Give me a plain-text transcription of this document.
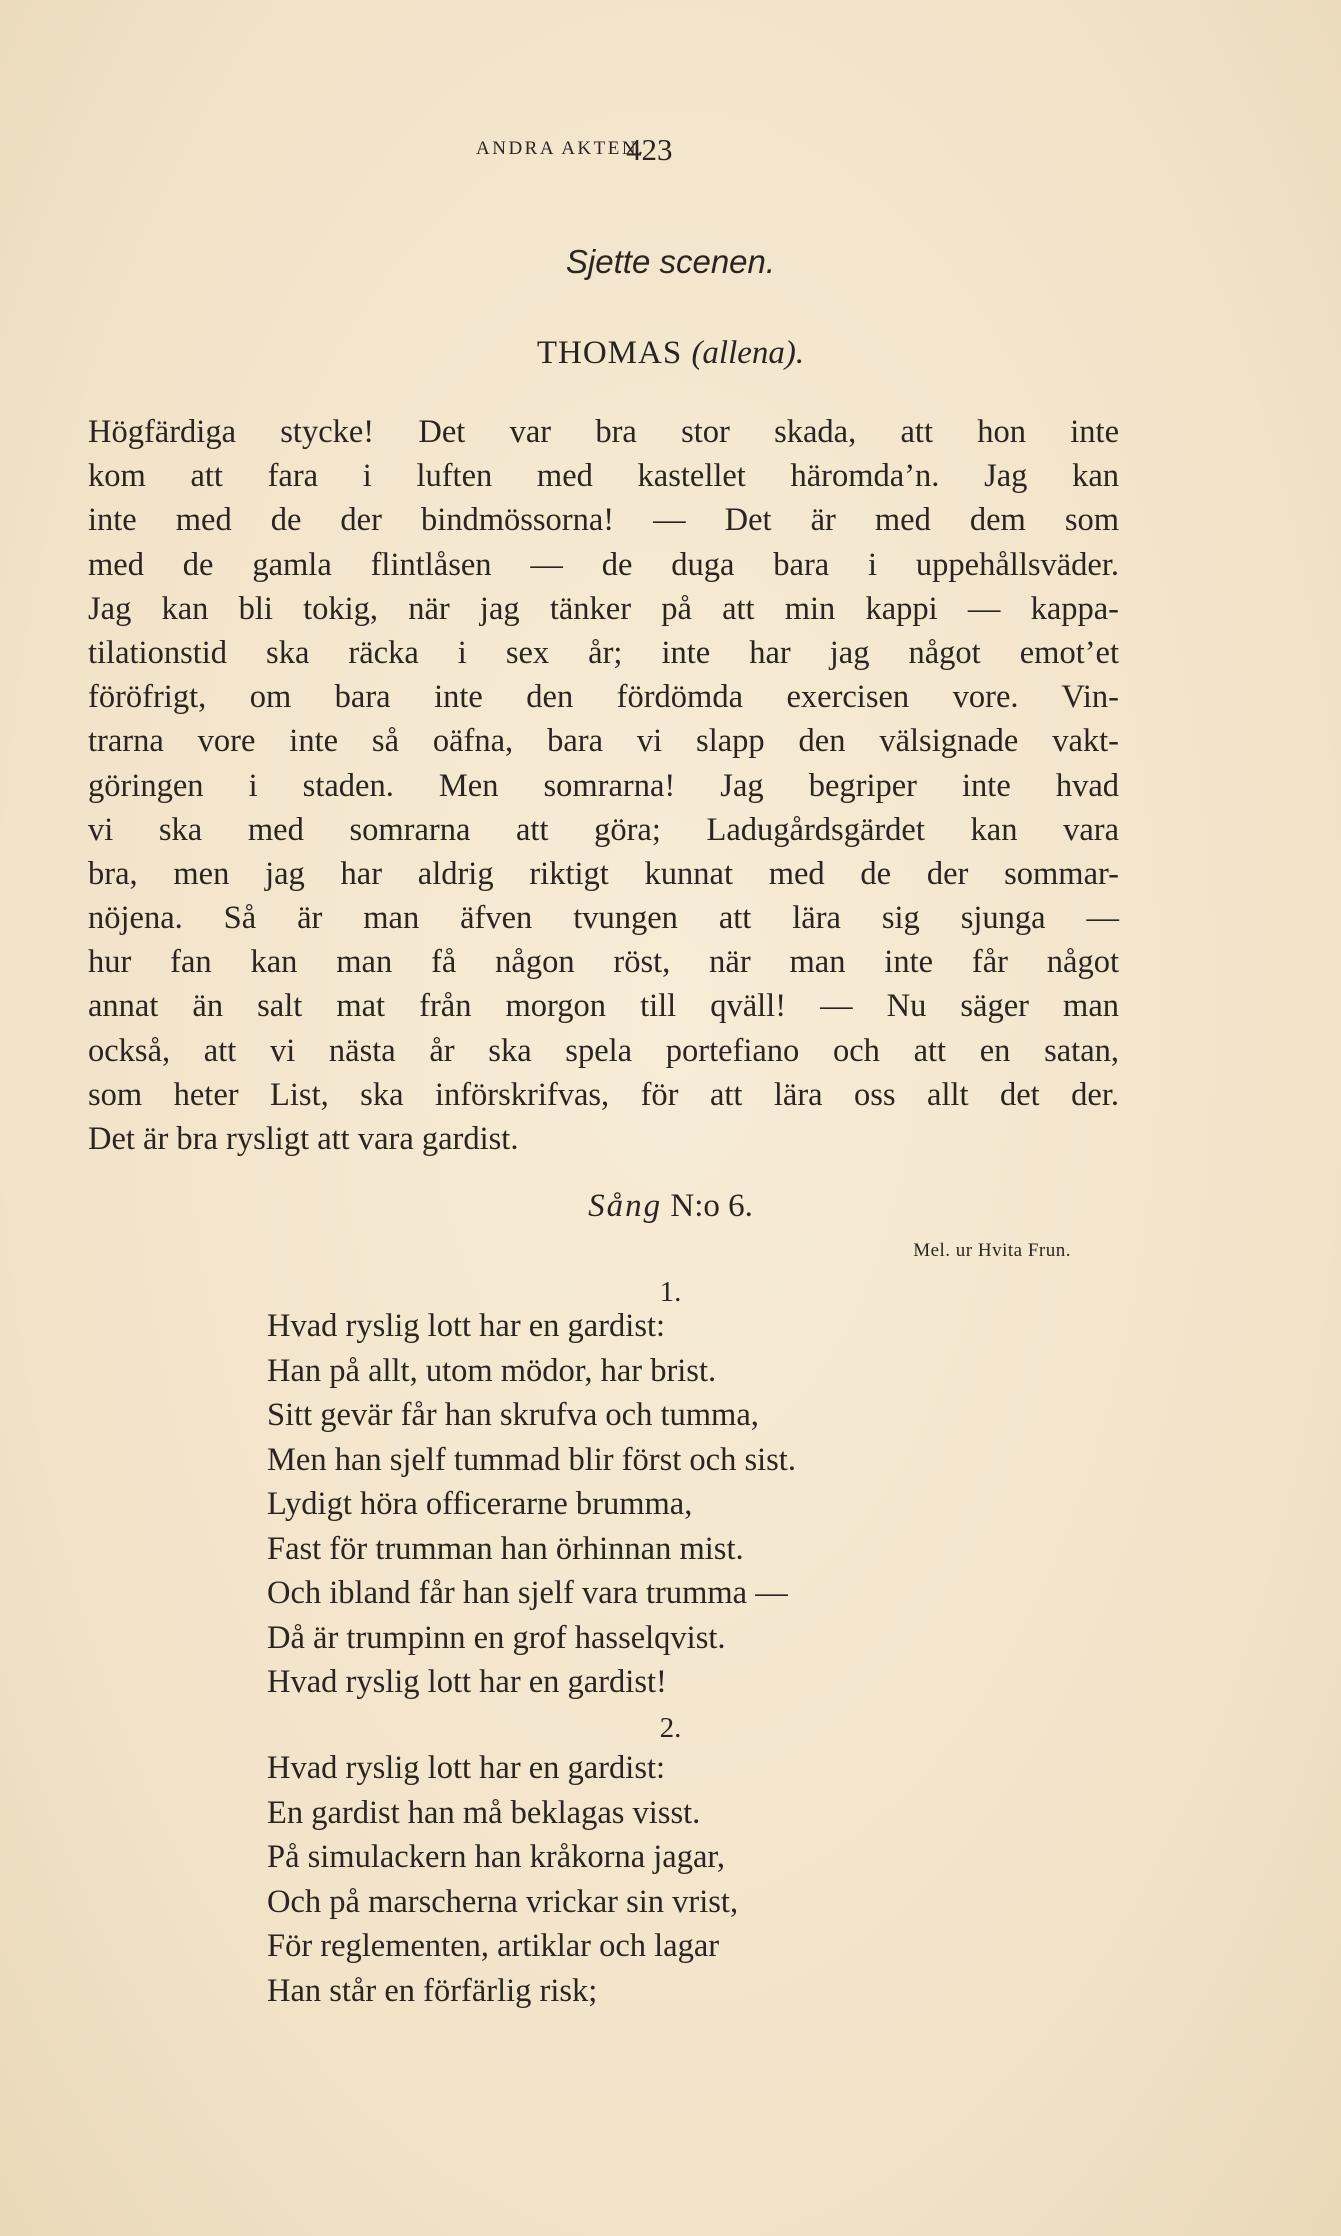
ANDRA AKTEN.
423
Sjette scenen.
THOMAS (allena).
Högfärdiga stycke! Det var bra stor skada, att hon inte
kom att fara i luften med kastellet häromda’n. Jag kan
inte med de der bindmössorna! — Det är med dem som
med de gamla flintlåsen — de duga bara i uppehållsväder.
Jag kan bli tokig, när jag tänker på att min kappi — kappa-
tilationstid ska räcka i sex år; inte har jag något emot’et
föröfrigt, om bara inte den fördömda exercisen vore. Vin-
trarna vore inte så oäfna, bara vi slapp den välsignade vakt-
göringen i staden. Men somrarna! Jag begriper inte hvad
vi ska med somrarna att göra; Ladugårdsgärdet kan vara
bra, men jag har aldrig riktigt kunnat med de der sommar-
nöjena. Så är man äfven tvungen att lära sig sjunga —
hur fan kan man få någon röst, när man inte får något
annat än salt mat från morgon till qväll! — Nu säger man
också, att vi nästa år ska spela portefiano och att en satan,
som heter List, ska införskrifvas, för att lära oss allt det der.
Det är bra rysligt att vara gardist.
Sång N:o 6.
Mel. ur Hvita Frun.
1.
Hvad ryslig lott har en gardist:
Han på allt, utom mödor, har brist.
Sitt gevär får han skrufva och tumma,
Men han sjelf tummad blir först och sist.
Lydigt höra officerarne brumma,
Fast för trumman han örhinnan mist.
Och ibland får han sjelf vara trumma —
Då är trumpinn en grof hasselqvist.
Hvad ryslig lott har en gardist!
2.
Hvad ryslig lott har en gardist:
En gardist han må beklagas visst.
På simulackern han kråkorna jagar,
Och på marscherna vrickar sin vrist,
För reglementen, artiklar och lagar
Han står en förfärlig risk;
